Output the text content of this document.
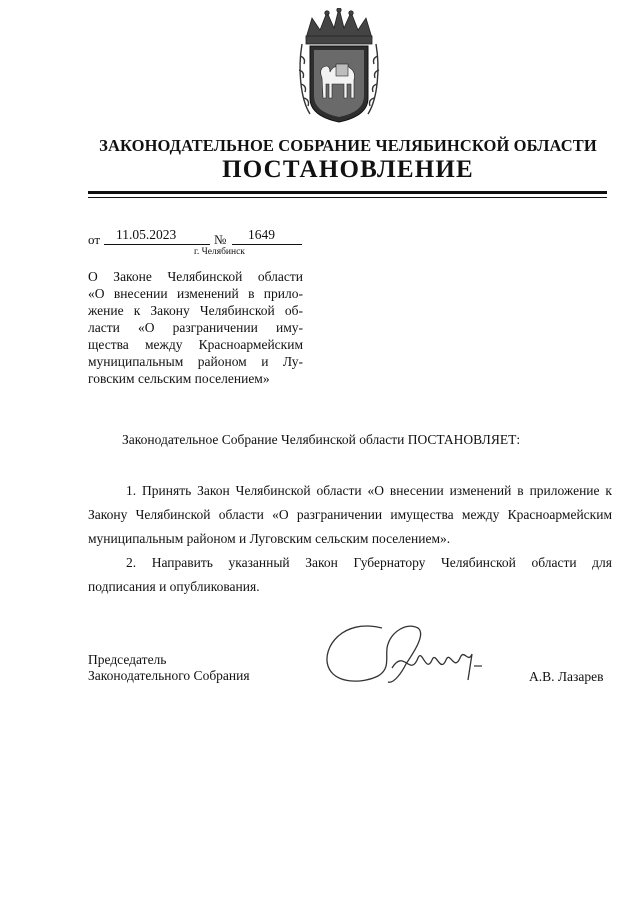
ЗАКОНОДАТЕЛЬНОЕ СОБРАНИЕ ЧЕЛЯБИНСКОЙ ОБЛАСТИ
ПОСТАНОВЛЕНИЕ
от 11.05.2023	№ 1649
г. Челябинск
О Законе Челябинской области
«О внесении изменений в прило-
жение к Закону Челябинской об-
ласти «О разграничении иму-
щества между Красноармейским
муниципальным районом и Лу-
говским сельским поселением»
Законодательное Собрание Челябинской области ПОСТАНОВЛЯЕТ:
1. Принять Закон Челябинской области «О внесении изменений в приложение к
Закону Челябинской области «О разграничении имущества между Красноармейским
муниципальным районом и Луговским сельским поселением».
2. Направить указанный Закон Губернатору Челябинской области для
подписания и опубликования.
Председатель
Законодательного Собрания	А.В. Лазарев
